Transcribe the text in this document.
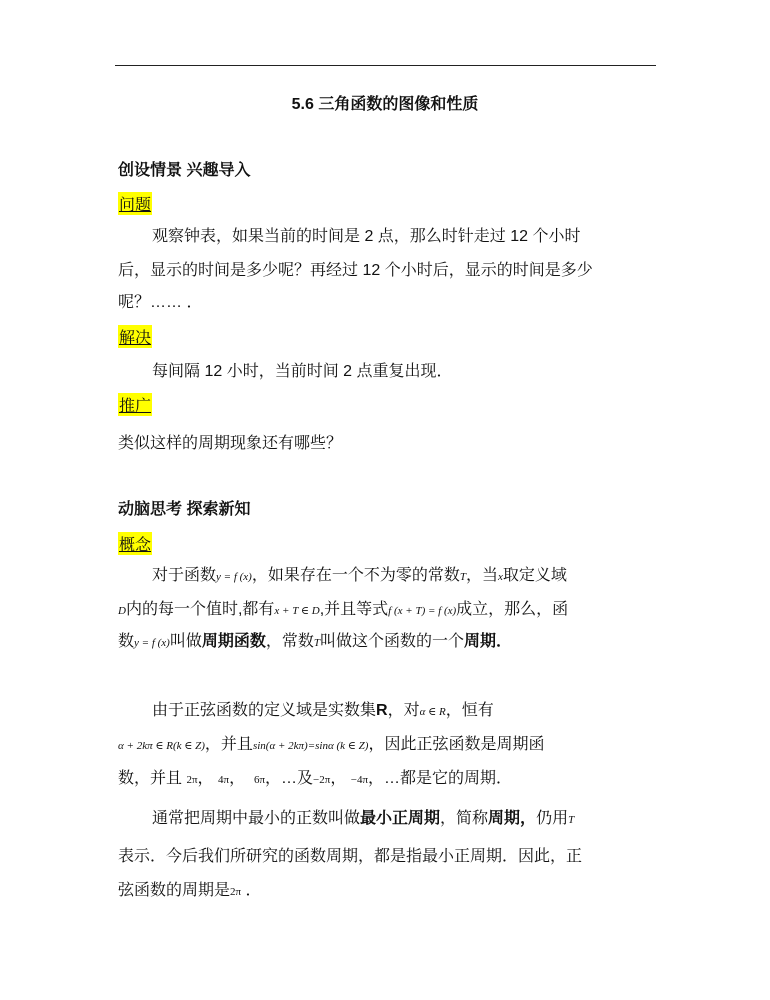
5.6 三角函数的图像和性质
创设情景 兴趣导入
问题
观察钟表，如果当前的时间是 2 点，那么时针走过 12 个小时
后，显示的时间是多少呢？再经过 12 个小时后，显示的时间是多少
呢？…… ．
解决
每间隔 12 小时，当前时间 2 点重复出现．
推广
类似这样的周期现象还有哪些？
动脑思考 探索新知
概念
对于函数y = f (x)，如果存在一个不为零的常数T，当x取定义域
D内的每一个值时,都有x + T ∈ D,并且等式f (x + T) = f (x)成立，那么，函
数y = f (x)叫做周期函数，常数T叫做这个函数的一个周期．
由于正弦函数的定义域是实数集R，对α ∈ R，恒有
α + 2kπ ∈ R(k ∈ Z)，并且sin(α + 2kπ)=sinα (k ∈ Z)，因此正弦函数是周期函
数，并且 2π， 4π， 6π，…及−2π， −4π，…都是它的周期．
通常把周期中最小的正数叫做最小正周期，简称周期，仍用T
表示．今后我们所研究的函数周期，都是指最小正周期．因此，正
弦函数的周期是2π ．
